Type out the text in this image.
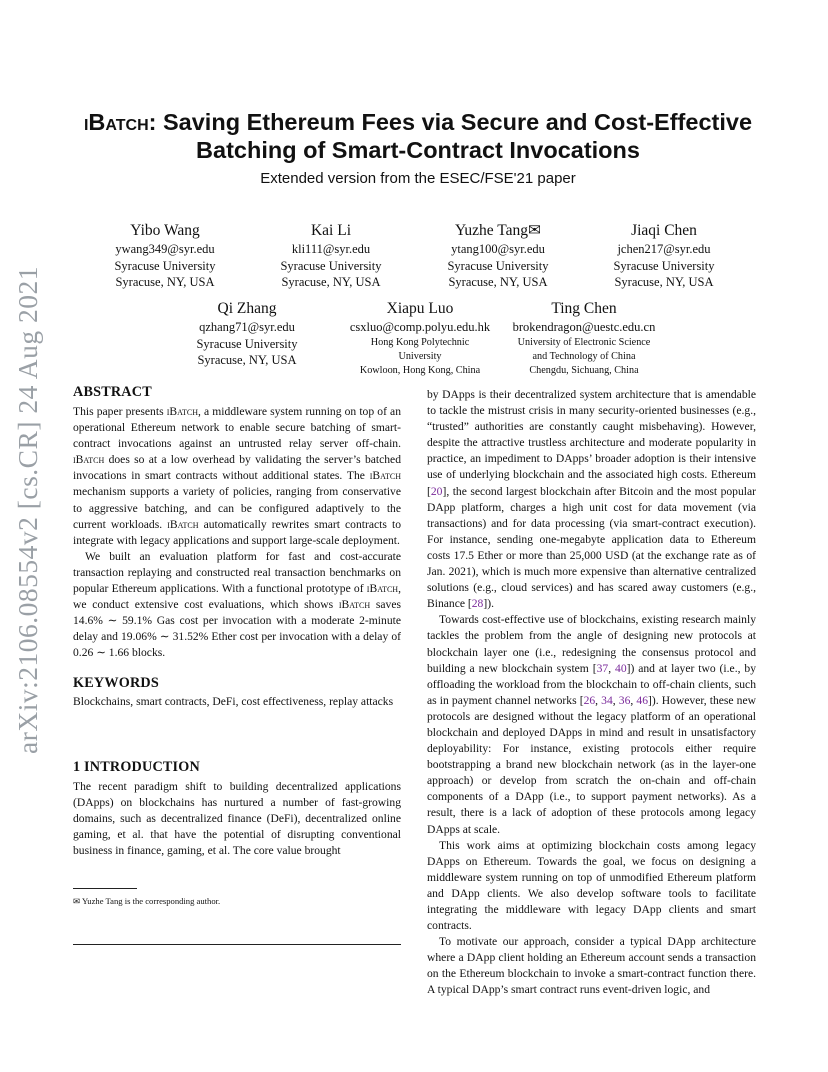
arXiv:2106.08554v2 [cs.CR] 24 Aug 2021
iBatch: Saving Ethereum Fees via Secure and Cost-Effective
Batching of Smart-Contract Invocations
Extended version from the ESEC/FSE'21 paper
Yibo Wang
ywang349@syr.edu
Syracuse University
Syracuse, NY, USA
Kai Li
kli111@syr.edu
Syracuse University
Syracuse, NY, USA
Yuzhe Tang✉
ytang100@syr.edu
Syracuse University
Syracuse, NY, USA
Jiaqi Chen
jchen217@syr.edu
Syracuse University
Syracuse, NY, USA
Qi Zhang
qzhang71@syr.edu
Syracuse University
Syracuse, NY, USA
Xiapu Luo
csxluo@comp.polyu.edu.hk
Hong Kong Polytechnic
University
Kowloon, Hong Kong, China
Ting Chen
brokendragon@uestc.edu.cn
University of Electronic Science
and Technology of China
Chengdu, Sichuang, China
ABSTRACT

This paper presents iBatch, a middleware system running on top of an operational Ethereum network to enable secure batching of smart-contract invocations against an untrusted relay server off-chain. iBatch does so at a low overhead by validating the server’s batched invocations in smart contracts without additional states. The iBatch mechanism supports a variety of policies, ranging from conservative to aggressive batching, and can be configured adaptively to the current workloads. iBatch automatically rewrites smart contracts to integrate with legacy applications and support large-scale deployment.

We built an evaluation platform for fast and cost-accurate transaction replaying and constructed real transaction benchmarks on popular Ethereum applications. With a functional prototype of iBatch, we conduct extensive cost evaluations, which shows iBatch saves 14.6% ∼ 59.1% Gas cost per invocation with a moderate 2-minute delay and 19.06% ∼ 31.52% Ether cost per invocation with a delay of 0.26 ∼ 1.66 blocks.

KEYWORDS

Blockchains, smart contracts, DeFi, cost effectiveness, replay attacks

1 INTRODUCTION

The recent paradigm shift to building decentralized applications (DApps) on blockchains has nurtured a number of fast-growing domains, such as decentralized finance (DeFi), decentralized online gaming, et al. that have the potential of disrupting conventional business in finance, gaming, et al. The core value brought

✉ Yuzhe Tang is the corresponding author.

by DApps is their decentralized system architecture that is amendable to tackle the mistrust crisis in many security-oriented businesses (e.g., “trusted” authorities are constantly caught misbehaving). However, despite the attractive trustless architecture and moderate popularity in practice, an impediment to DApps’ broader adoption is their intensive use of underlying blockchain and the associated high costs. Ethereum [20], the second largest blockchain after Bitcoin and the most popular DApp platform, charges a high unit cost for data movement (via transactions) and for data processing (via smart-contract execution). For instance, sending one-megabyte application data to Ethereum costs 17.5 Ether or more than 25,000 USD (at the exchange rate as of Jan. 2021), which is much more expensive than alternative centralized solutions (e.g., cloud services) and has scared away customers (e.g., Binance [28]).

Towards cost-effective use of blockchains, existing research mainly tackles the problem from the angle of designing new protocols at blockchain layer one (i.e., redesigning the consensus protocol and building a new blockchain system [37, 40]) and at layer two (i.e., by offloading the workload from the blockchain to off-chain clients, such as in payment channel networks [26, 34, 36, 46]). However, these new protocols are designed without the legacy platform of an operational blockchain and deployed DApps in mind and result in unsatisfactory deployability: For instance, existing protocols either require bootstrapping a brand new blockchain network (as in the layer-one approach) or develop from scratch the on-chain and off-chain components of a DApp (i.e., to support payment networks). As a result, there is a lack of adoption of these protocols among legacy DApps at scale.

This work aims at optimizing blockchain costs among legacy DApps on Ethereum. Towards the goal, we focus on designing a middleware system running on top of unmodified Ethereum platform and DApp clients. We also develop software tools to facilitate integrating the middleware with legacy DApp clients and smart contracts.

To motivate our approach, consider a typical DApp architecture where a DApp client holding an Ethereum account sends a transaction on the Ethereum blockchain to invoke a smart-contract function there. A typical DApp’s smart contract runs event-driven logic, and
